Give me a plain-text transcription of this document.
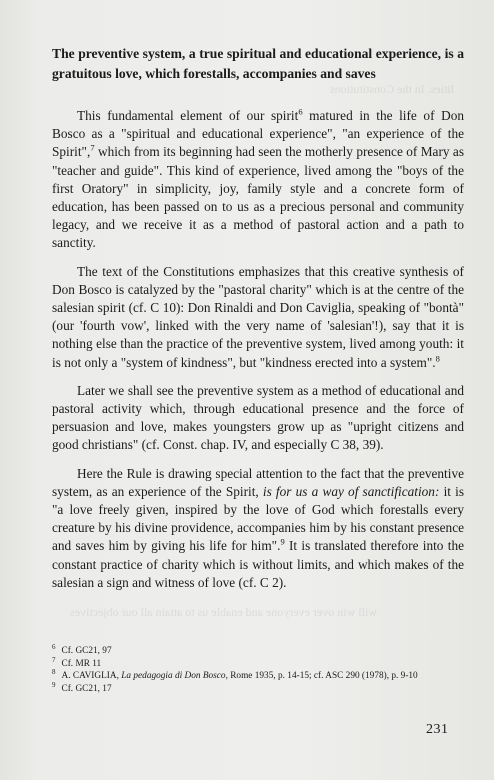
lities. In the Constitutions
will win over everyone and enable us to attain all our objectives

The preventive system, a true spiritual and educational experience, is a gratuitous love, which forestalls, accompanies and saves

This fundamental element of our spirit$^6$ matured in the life of Don Bosco as a "spiritual and educational experience", "an experience of the Spirit",$^7$ which from its beginning had seen the motherly presence of Mary as "teacher and guide". This kind of experience, lived among the "boys of the first Oratory" in simplicity, joy, family style and a concrete form of education, has been passed on to us as a precious personal and community legacy, and we receive it as a method of pastoral action and a path to sanctity.

The text of the Constitutions emphasizes that this creative synthesis of Don Bosco is catalyzed by the "pastoral charity" which is at the centre of the salesian spirit (cf. C 10): Don Rinaldi and Don Caviglia, speaking of "bontà" (our 'fourth vow', linked with the very name of 'salesian'!), say that it is nothing else than the practice of the preventive system, lived among youth: it is not only a "system of kindness", but "kindness erected into a system".$^8$

Later we shall see the preventive system as a method of educational and pastoral activity which, through educational presence and the force of persuasion and love, makes youngsters grow up as "upright citizens and good christians" (cf. Const. chap. IV, and especially C 38, 39).

Here the Rule is drawing special attention to the fact that the preventive system, as an experience of the Spirit, is for us a way of sanctification: it is "a love freely given, inspired by the love of God which forestalls every creature by his divine providence, accompanies him by his constant presence and saves him by giving his life for him".$^9$ It is translated therefore into the constant practice of charity which is without limits, and which makes of the salesian a sign and witness of love (cf. C 2).

$^6$ Cf. GC21, 97

$^7$ Cf. MR 11

$^8$ A. CAVIGLIA, La pedagogia di Don Bosco, Rome 1935, p. 14-15; cf. ASC 290 (1978), p. 9-10

$^9$ Cf. GC21, 17

231
